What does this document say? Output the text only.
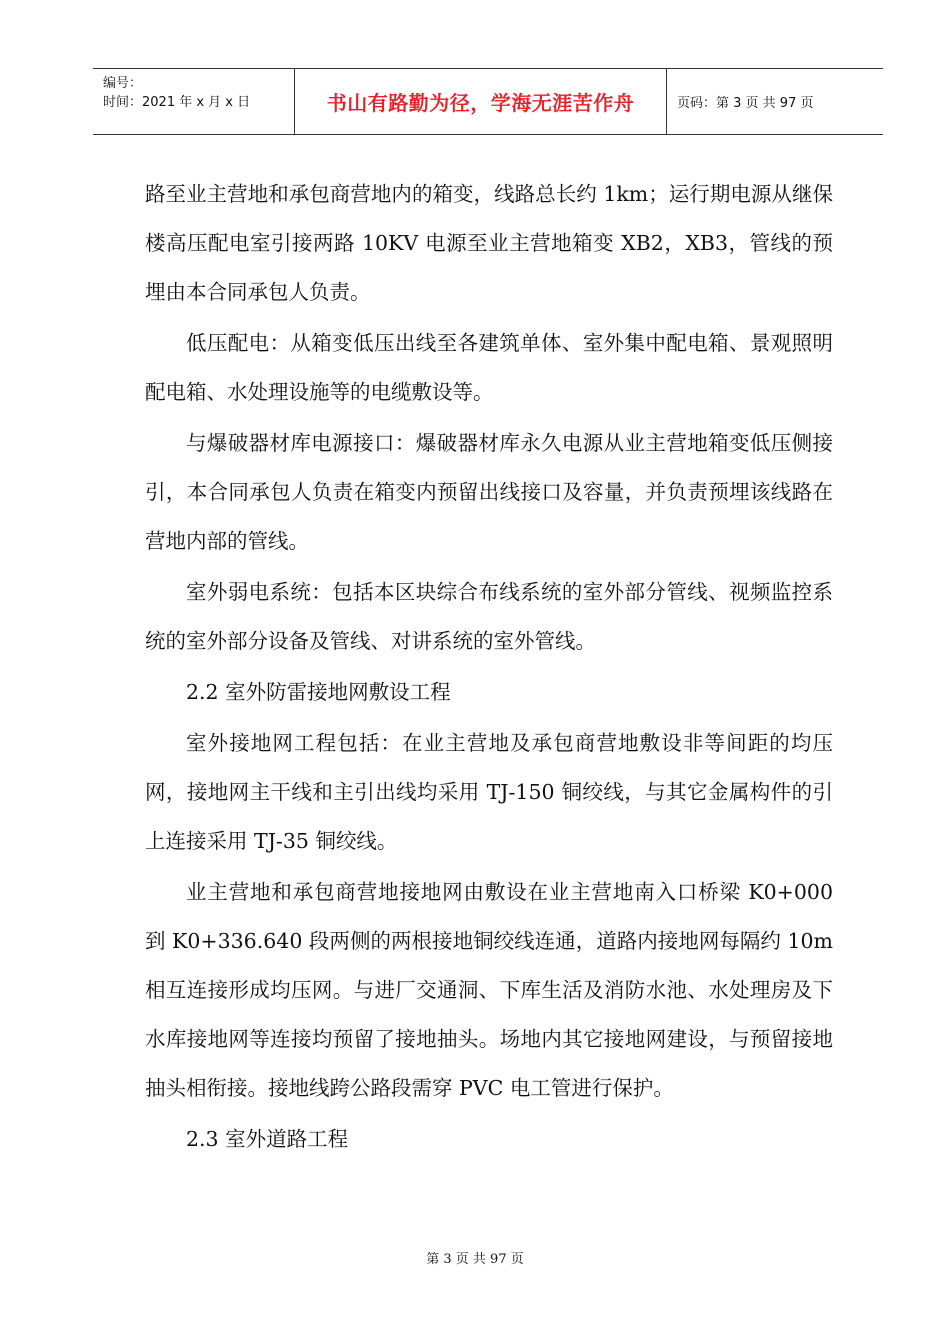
编号：
时间：2021 年 x 月 x 日	书山有路勤为径，学海无涯苦作舟	页码：第 3 页 共 97 页

路至业主营地和承包商营地内的箱变，线路总长约 1km；运行期电源从继保楼高压配电室引接两路 10KV 电源至业主营地箱变 XB2，XB3，管线的预埋由本合同承包人负责。

低压配电：从箱变低压出线至各建筑单体、室外集中配电箱、景观照明配电箱、水处理设施等的电缆敷设等。

与爆破器材库电源接口：爆破器材库永久电源从业主营地箱变低压侧接引，本合同承包人负责在箱变内预留出线接口及容量，并负责预埋该线路在营地内部的管线。

室外弱电系统：包括本区块综合布线系统的室外部分管线、视频监控系统的室外部分设备及管线、对讲系统的室外管线。

2.2 室外防雷接地网敷设工程

室外接地网工程包括：在业主营地及承包商营地敷设非等间距的均压网，接地网主干线和主引出线均采用 TJ-150 铜绞线，与其它金属构件的引上连接采用 TJ-35 铜绞线。

业主营地和承包商营地接地网由敷设在业主营地南入口桥梁 K0+000 到 K0+336.640 段两侧的两根接地铜绞线连通，道路内接地网每隔约 10m 相互连接形成均压网。与进厂交通洞、下库生活及消防水池、水处理房及下水库接地网等连接均预留了接地抽头。场地内其它接地网建设，与预留接地抽头相衔接。接地线跨公路段需穿 PVC 电工管进行保护。

2.3 室外道路工程

第 3 页 共 97 页
